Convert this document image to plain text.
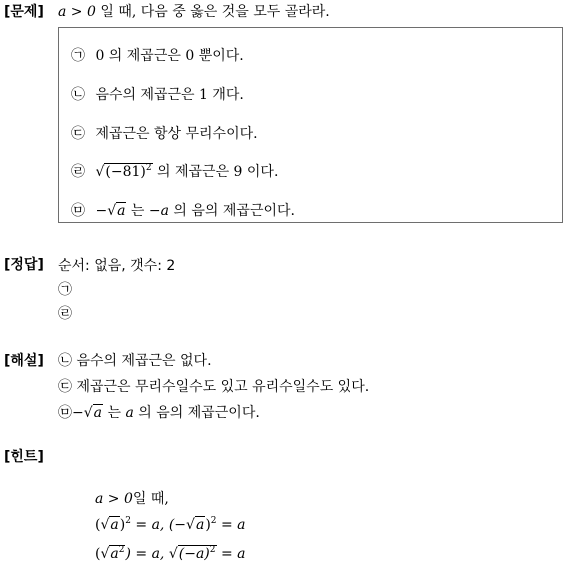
[문제] a > 0 일 때, 다음 중 옳은 것을 모두 골라라.
㉠ 0 의 제곱근은 0 뿐이다.
㉡ 음수의 제곱근은 1 개다.
㉢ 제곱근은 항상 무리수이다.
㉣ $√(-81)^2$ 의 제곱근은 9 이다.
㉤ −√a 는 −a 의 음의 제곱근이다.
[정답] 순서: 없음, 갯수: 2
㉠
㉣
[해설] ㉡ 음수의 제곱근은 없다.
㉢ 제곱근은 무리수일수도 있고 유리수일수도 있다.
㉤−√a 는 a 의 음의 제곱근이다.
[힌트]
a > 0일 때,
$(√a)^2 = a$, $(-√a)^2 = a$
$(√a^2) = a$, $√(-a)^2 = a$
